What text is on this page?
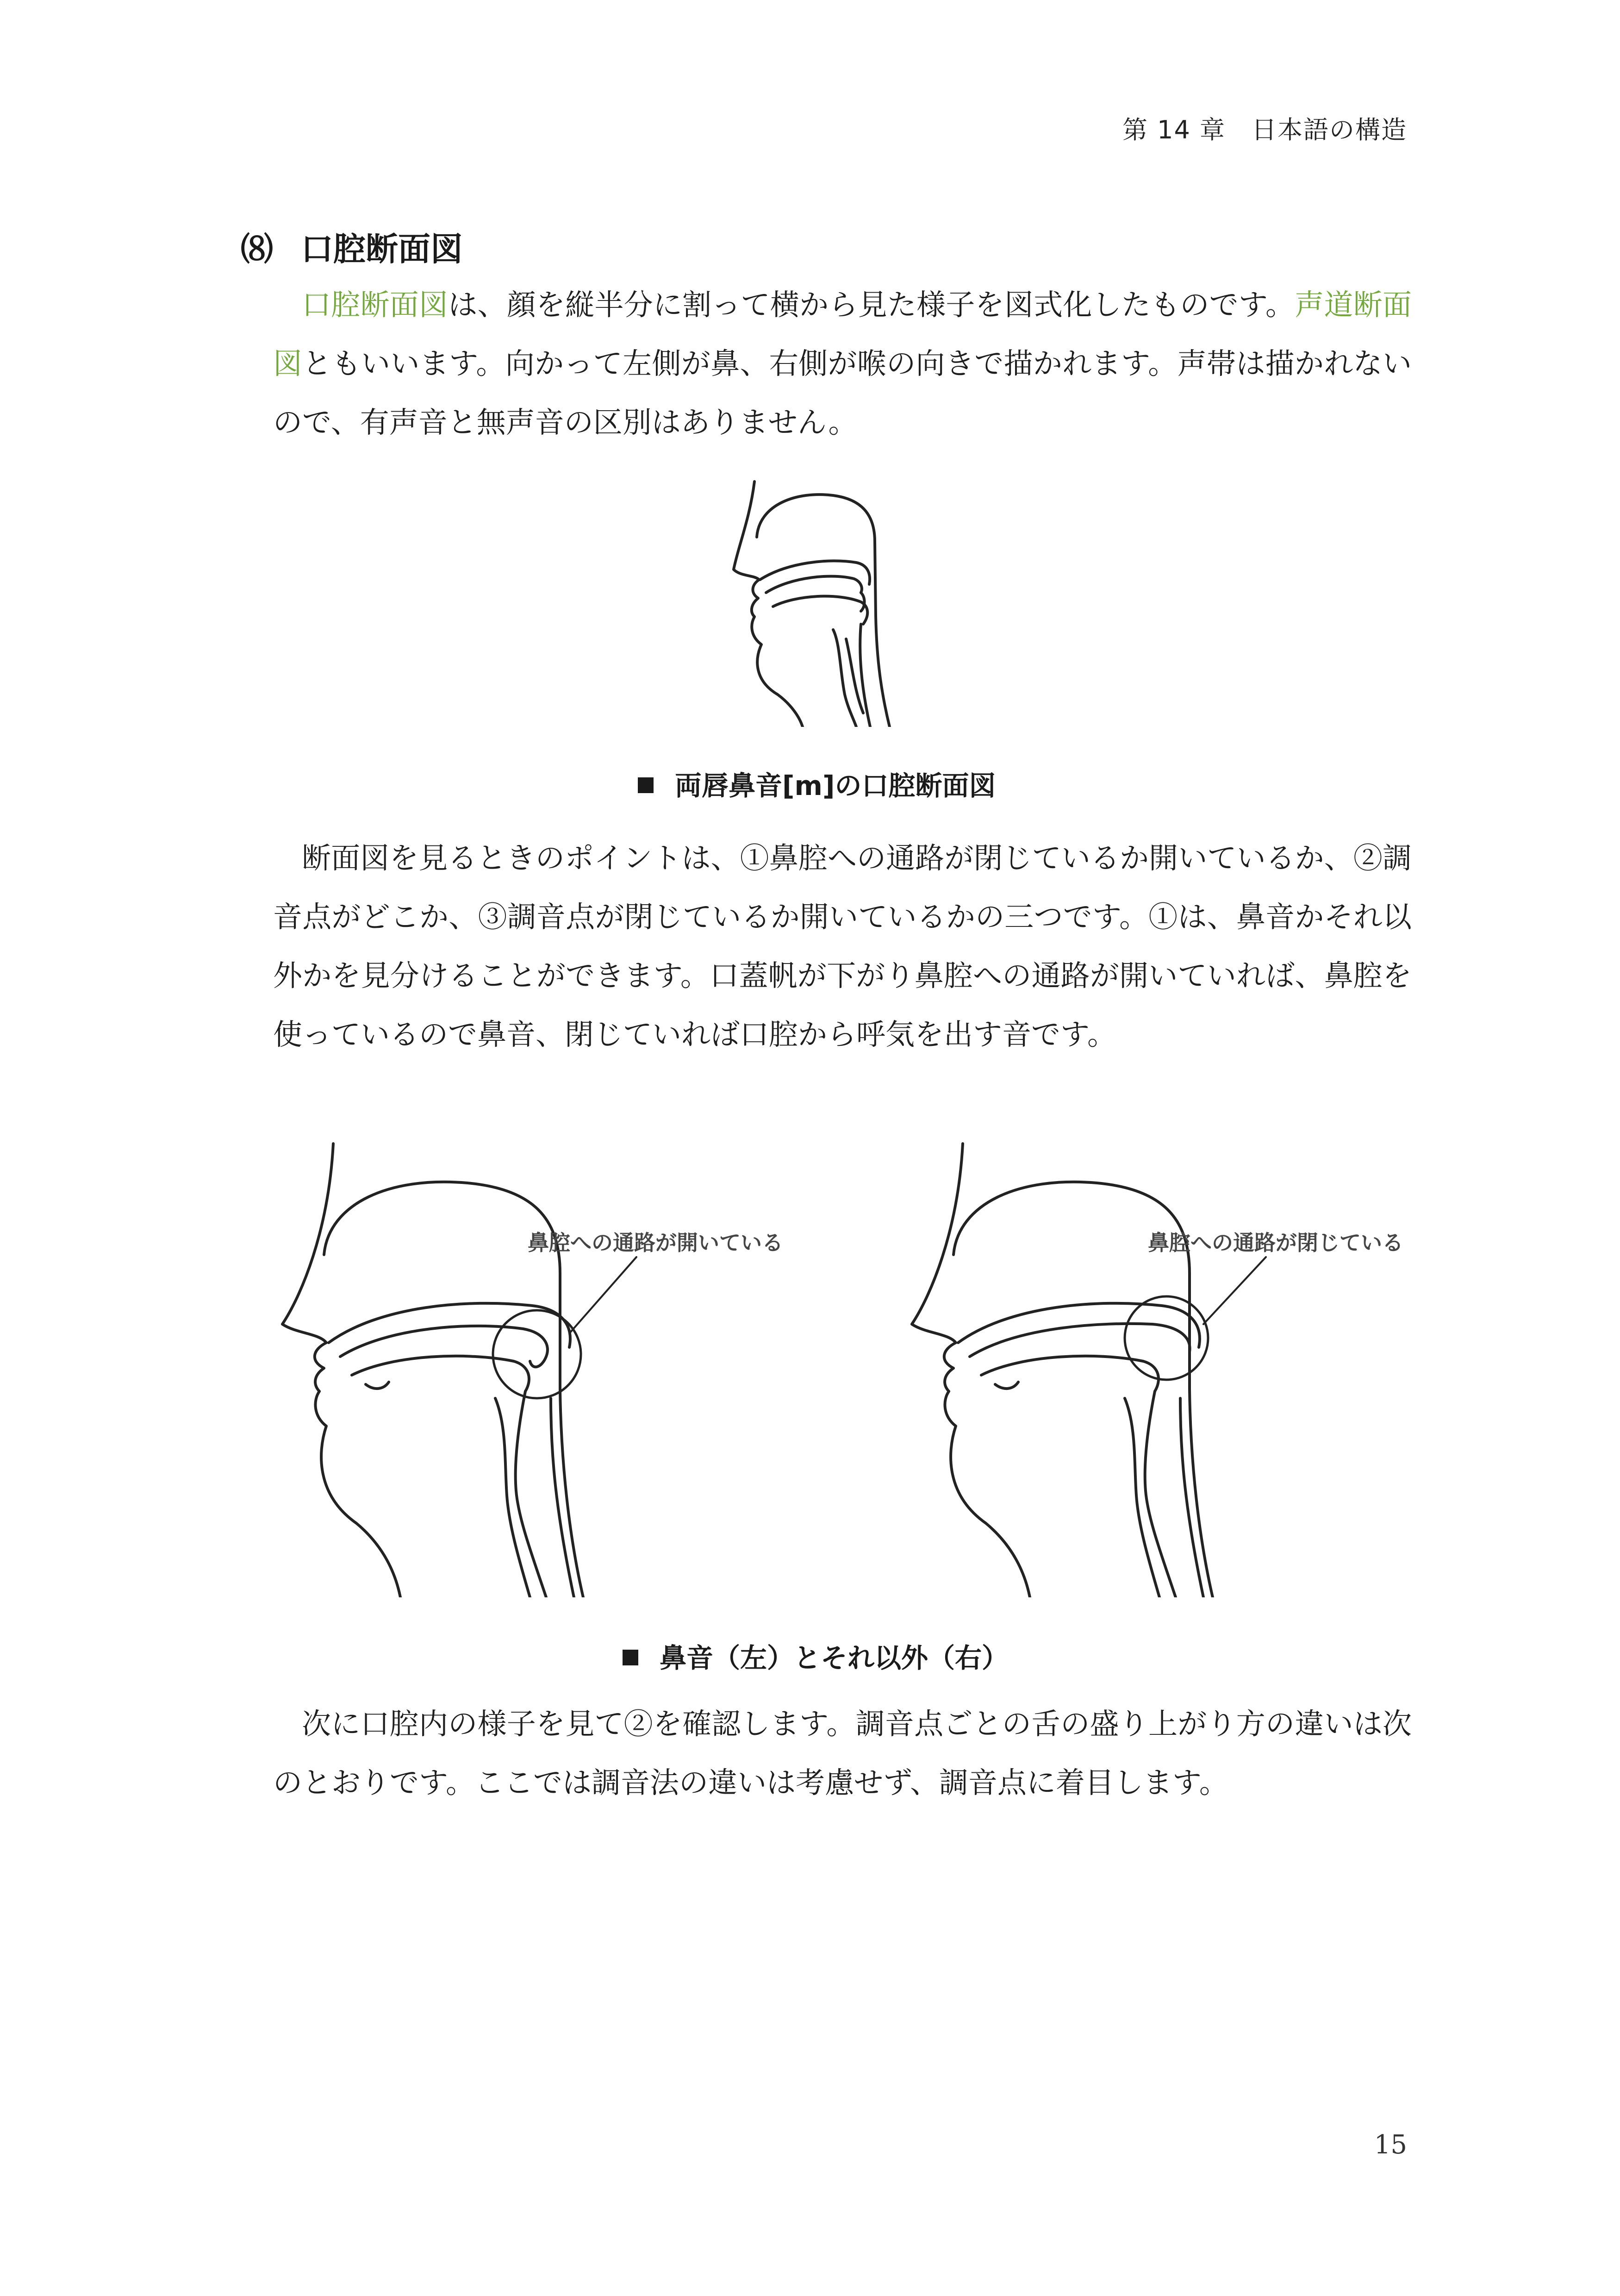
第 14 章　日本語の構造
⑻ 口腔断面図
口腔断面図は、顔を縦半分に割って横から見た様子を図式化したものです。声道断面図ともいいます。向かって左側が鼻、右側が喉の向きで描かれます。声帯は描かれないので、有声音と無声音の区別はありません。
両唇鼻音[m]の口腔断面図
断面図を見るときのポイントは、①鼻腔への通路が閉じているか開いているか、②調音点がどこか、③調音点が閉じているか開いているかの三つです。①は、鼻音かそれ以外かを見分けることができます。口蓋帆が下がり鼻腔への通路が開いていれば、鼻腔を使っているので鼻音、閉じていれば口腔から呼気を出す音です。
鼻腔への通路が開いている	鼻腔への通路が閉じている
鼻音（左）とそれ以外（右）
次に口腔内の様子を見て②を確認します。調音点ごとの舌の盛り上がり方の違いは次のとおりです。ここでは調音法の違いは考慮せず、調音点に着目します。
15
